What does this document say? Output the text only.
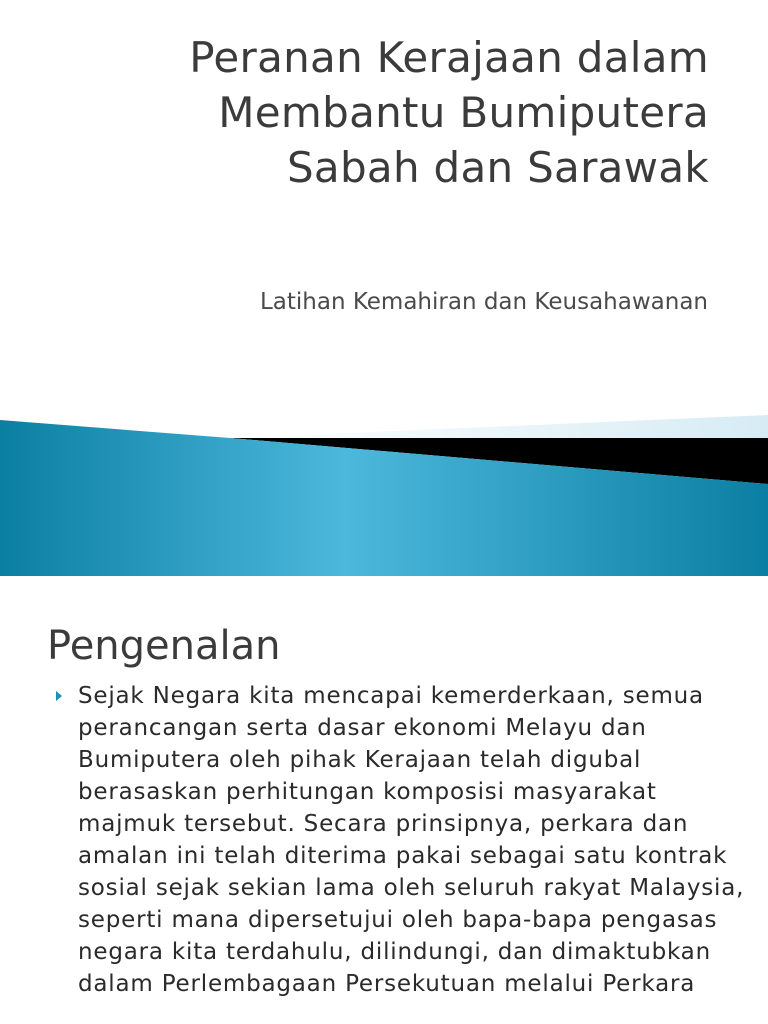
Peranan Kerajaan dalam
Membantu Bumiputera
Sabah dan Sarawak
Latihan Kemahiran dan Keusahawanan
Pengenalan
Sejak Negara kita mencapai kemerderkaan, semua perancangan serta dasar ekonomi Melayu dan Bumiputera oleh pihak Kerajaan telah digubal berasaskan perhitungan komposisi masyarakat majmuk tersebut. Secara prinsipnya, perkara dan amalan ini telah diterima pakai sebagai satu kontrak sosial sejak sekian lama oleh seluruh rakyat Malaysia, seperti mana dipersetujui oleh bapa-bapa pengasas negara kita terdahulu, dilindungi, dan dimaktubkan dalam Perlembagaan Persekutuan melalui Perkara
